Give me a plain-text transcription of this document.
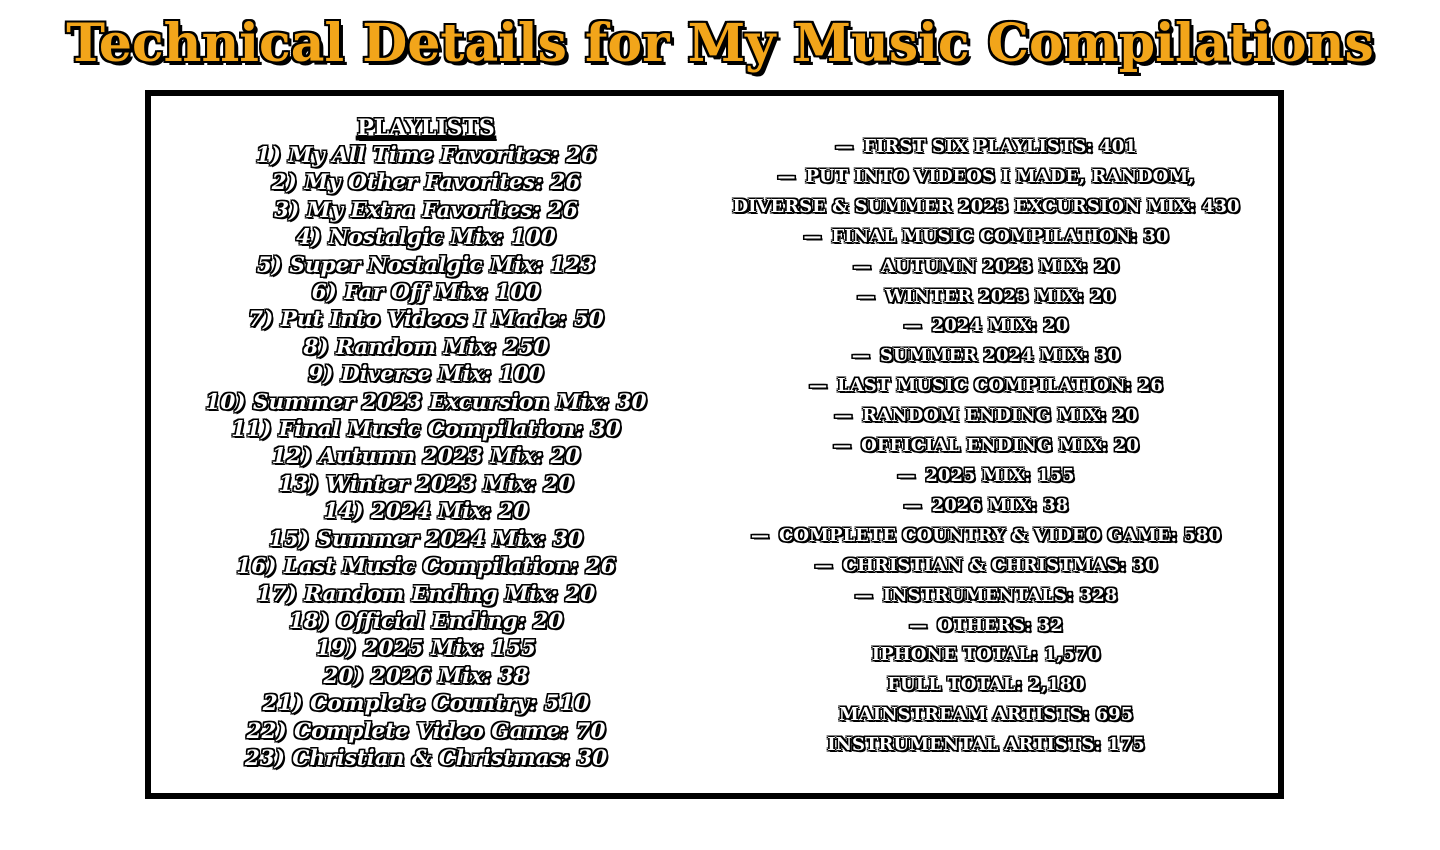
Technical Details for My Music Compilations
PLAYLISTS
1) My All Time Favorites: 26
2) My Other Favorites: 26
3) My Extra Favorites: 26
4) Nostalgic Mix: 100
5) Super Nostalgic Mix: 123
6) Far Off Mix: 100
7) Put Into Videos I Made: 50
8) Random Mix: 250
9) Diverse Mix: 100
10) Summer 2023 Excursion Mix: 30
11) Final Music Compilation: 30
12) Autumn 2023 Mix: 20
13) Winter 2023 Mix: 20
14) 2024 Mix: 20
15) Summer 2024 Mix: 30
16) Last Music Compilation: 26
17) Random Ending Mix: 20
18) Official Ending: 20
19) 2025 Mix: 155
20) 2026 Mix: 38
21) Complete Country: 510
22) Complete Video Game: 70
23) Christian & Christmas: 30
— FIRST SIX PLAYLISTS: 401
— PUT INTO VIDEOS I MADE, RANDOM,
DIVERSE & SUMMER 2023 EXCURSION MIX: 430
— FINAL MUSIC COMPILATION: 30
— AUTUMN 2023 MIX: 20
— WINTER 2023 MIX: 20
— 2024 MIX: 20
— SUMMER 2024 MIX: 30
— LAST MUSIC COMPILATION: 26
— RANDOM ENDING MIX: 20
— OFFICIAL ENDING MIX: 20
— 2025 MIX: 155
— 2026 MIX: 38
— COMPLETE COUNTRY & VIDEO GAME: 580
— CHRISTIAN & CHRISTMAS: 30
— INSTRUMENTALS: 328
— OTHERS: 32
IPHONE TOTAL: 1,570
FULL TOTAL: 2,180
MAINSTREAM ARTISTS: 695
INSTRUMENTAL ARTISTS: 175
